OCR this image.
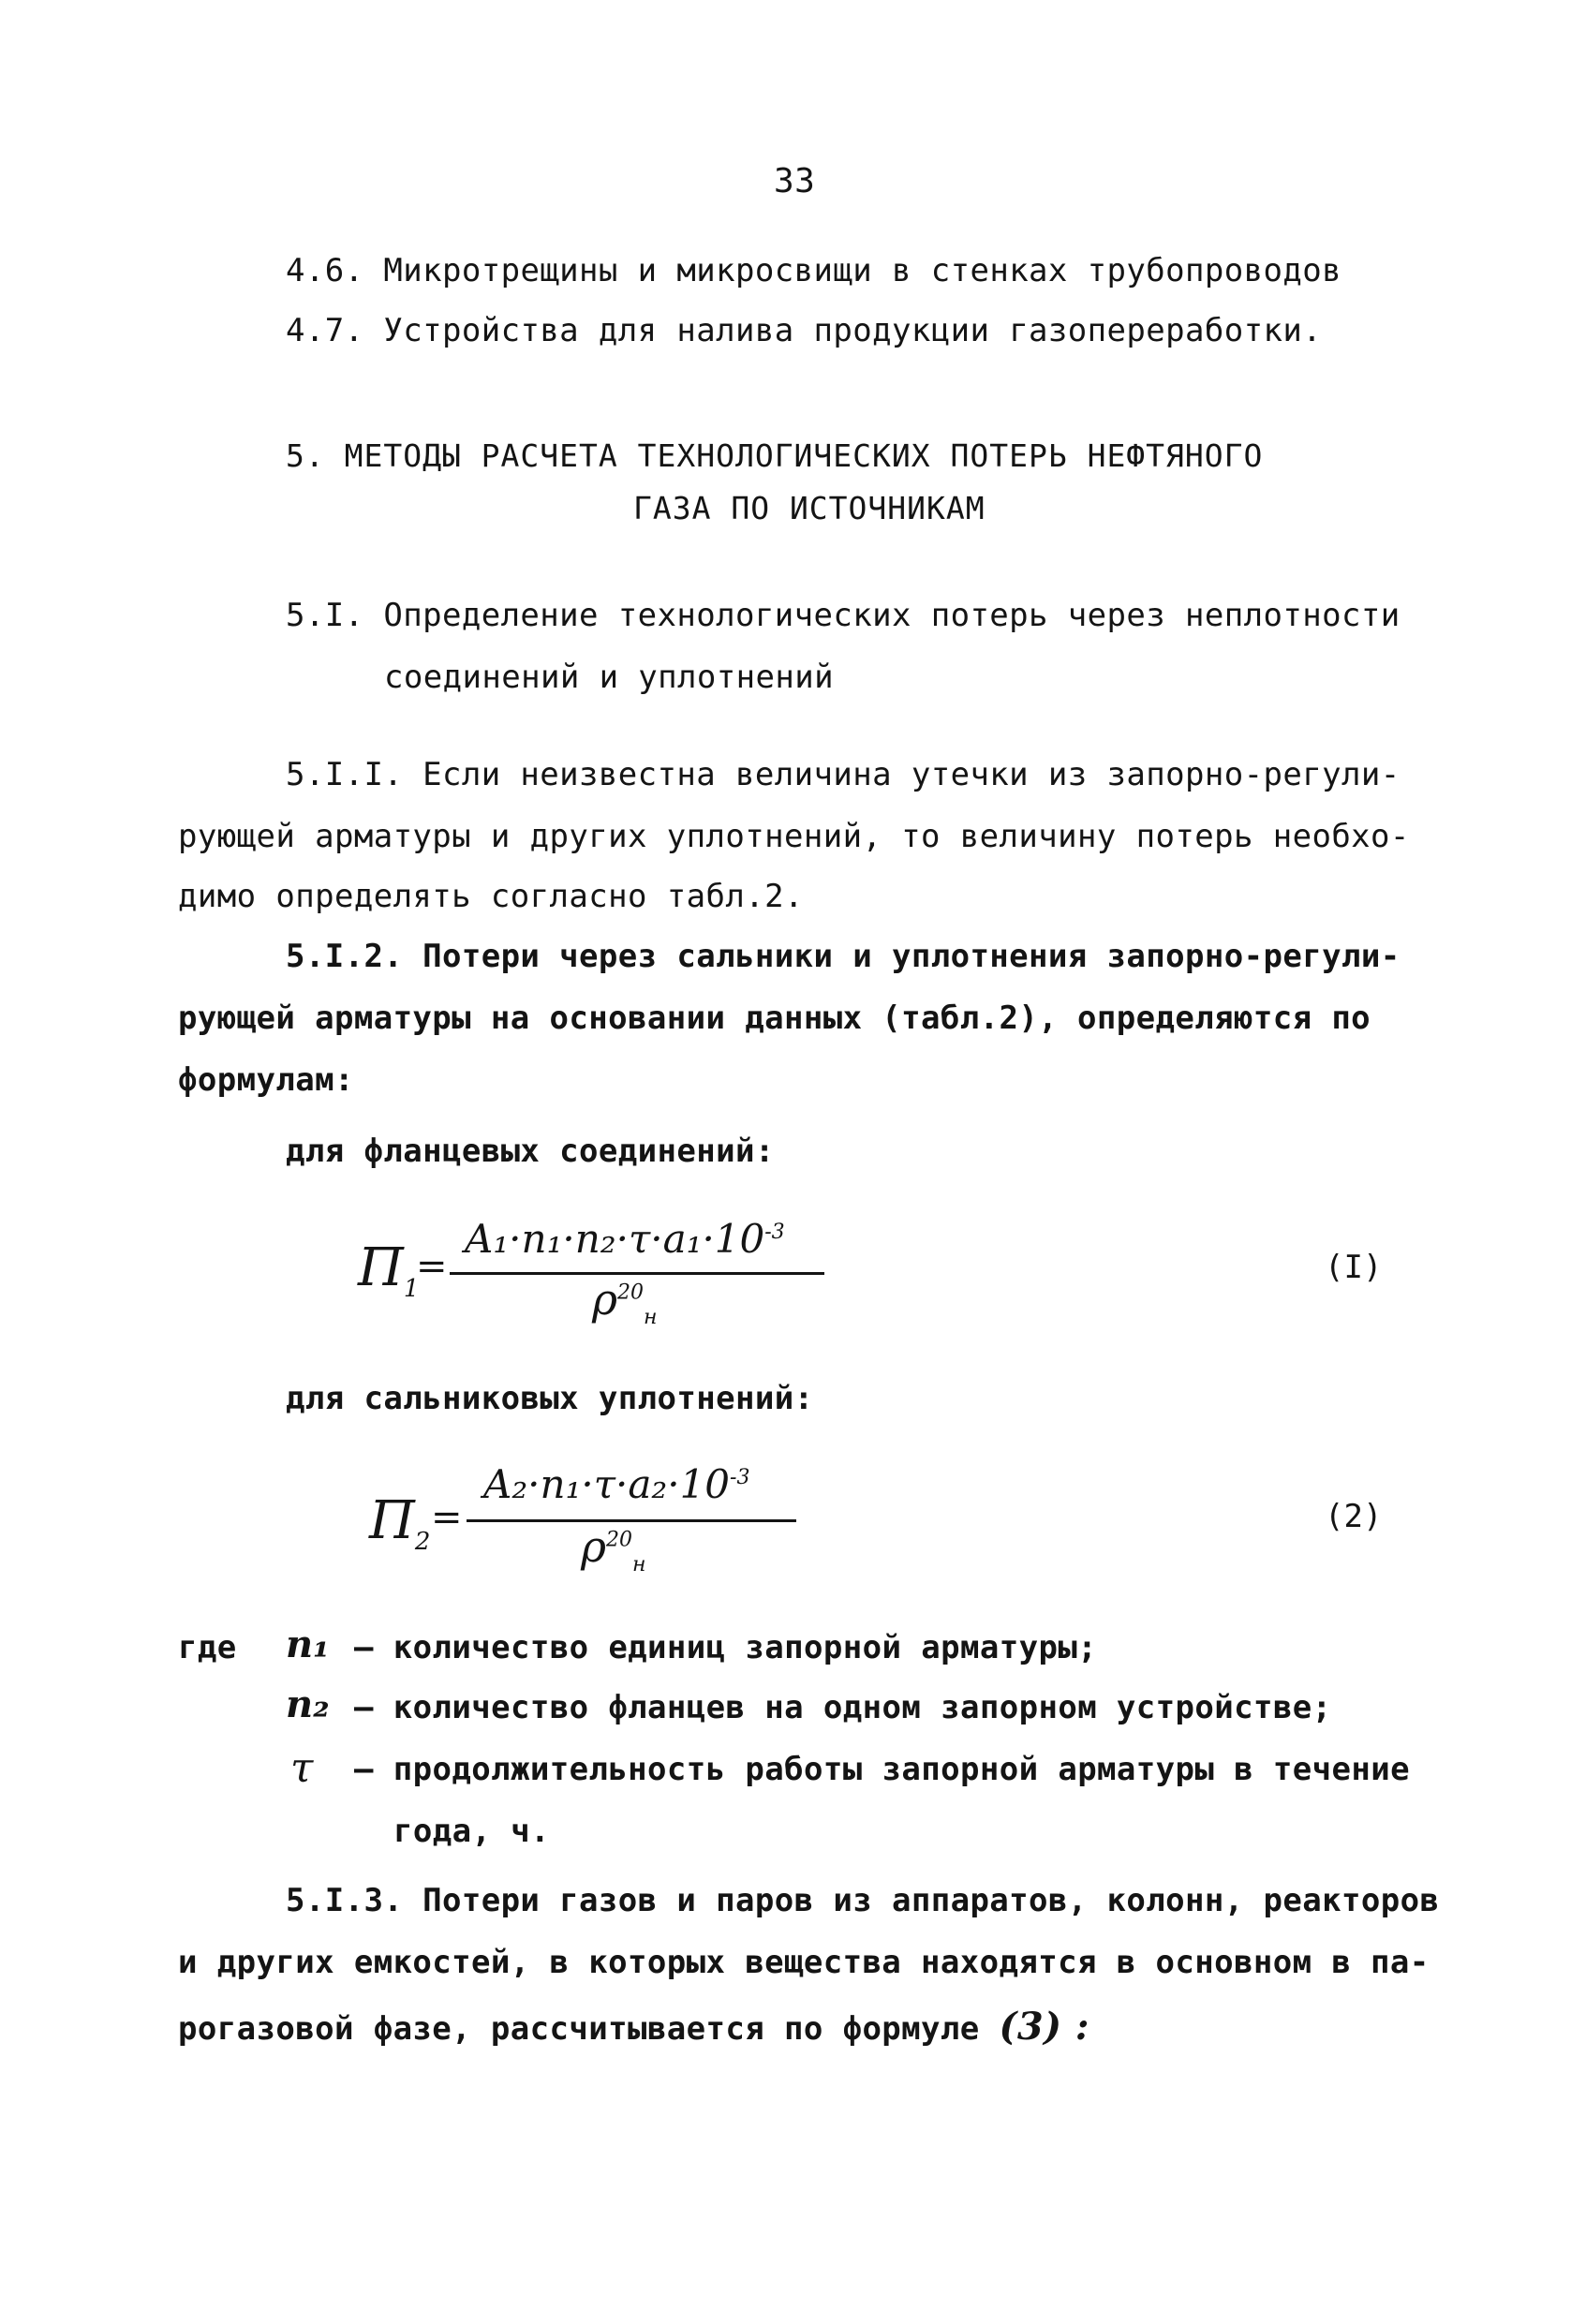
33
4.6. Микротрещины и микросвищи в стенках трубопроводов
4.7. Устройства для налива продукции газопереработки.
5. МЕТОДЫ РАСЧЕТА ТЕХНОЛОГИЧЕСКИХ ПОТЕРЬ НЕФТЯНОГО
ГАЗА ПО ИСТОЧНИКАМ
5.I. Определение технологических потерь через неплотности
соединений и уплотнений
5.I.I. Если неизвестна величина утечки из запорно-регули-
рующей арматуры и других уплотнений, то величину потерь необхо-
димо определять согласно табл.2.
5.I.2. Потери через сальники и уплотнения запорно-регули-
рующей арматуры на основании данных (табл.2), определяются по
формулам:
для фланцевых соединений:
$П_1$
=
$A_1\cdot n_1\cdot n_2\cdot\tau\cdot a_1\cdot 10^{-3}$
$\rho^{20}_н$
(I)
для сальниковых уплотнений:
$П_2$
=
$A_2\cdot n_1\cdot\tau\cdot a_2\cdot 10^{-3}$
$\rho^{20}_н$
(2)
где n₁ – количество единиц запорной арматуры;
n₂ – количество фланцев на одном запорном устройстве;
τ – продолжительность работы запорной арматуры в течение
года, ч.
5.I.3. Потери газов и паров из аппаратов, колонн, реакторов
и других емкостей, в которых вещества находятся в основном в па-
рогазовой фазе, рассчитывается по формуле (3) :
